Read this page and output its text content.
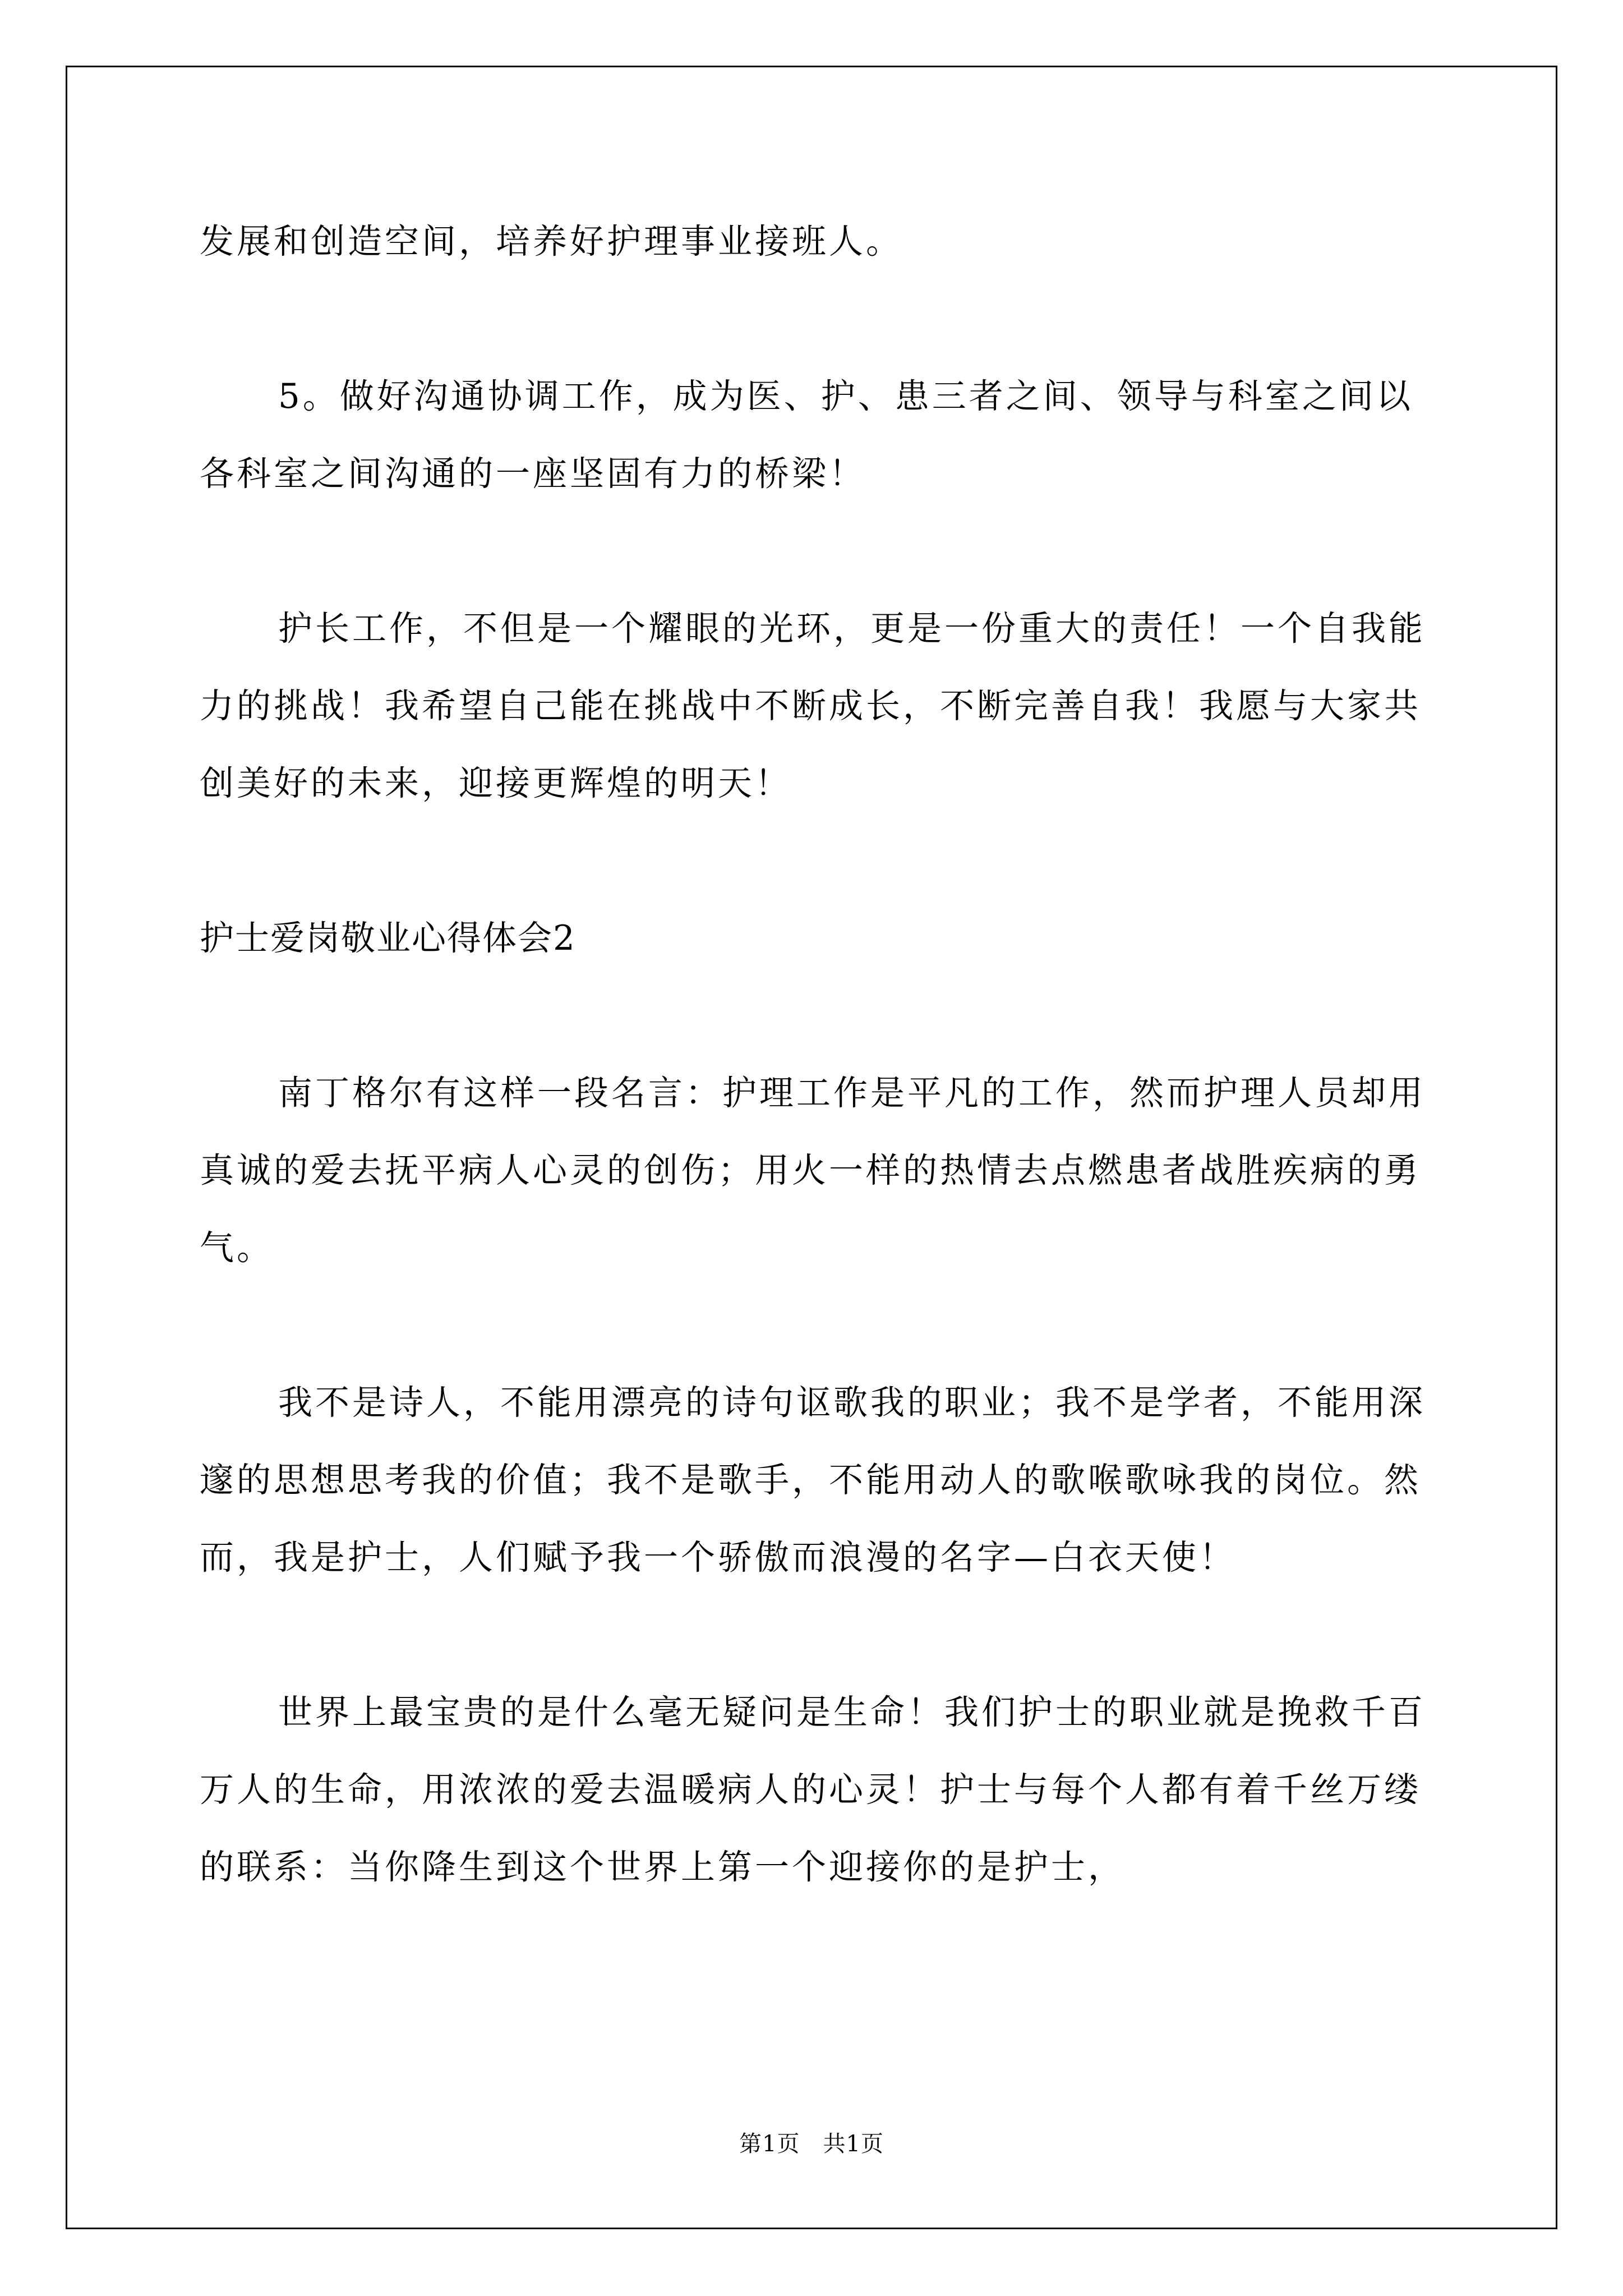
发展和创造空间，培养好护理事业接班人。
5。做好沟通协调工作，成为医、护、患三者之间、领导与科室之间以各科室之间沟通的一座坚固有力的桥梁！
护长工作，不但是一个耀眼的光环，更是一份重大的责任！一个自我能力的挑战！我希望自己能在挑战中不断成长，不断完善自我！我愿与大家共创美好的未来，迎接更辉煌的明天！
护士爱岗敬业心得体会2
南丁格尔有这样一段名言：护理工作是平凡的工作，然而护理人员却用真诚的爱去抚平病人心灵的创伤；用火一样的热情去点燃患者战胜疾病的勇气。
我不是诗人，不能用漂亮的诗句讴歌我的职业；我不是学者，不能用深邃的思想思考我的价值；我不是歌手，不能用动人的歌喉歌咏我的岗位。然而，我是护士，人们赋予我一个骄傲而浪漫的名字—白衣天使！
世界上最宝贵的是什么毫无疑问是生命！我们护士的职业就是挽救千百万人的生命，用浓浓的爱去温暖病人的心灵！护士与每个人都有着千丝万缕的联系：当你降生到这个世界上第一个迎接你的是护士，
第1页　共1页
